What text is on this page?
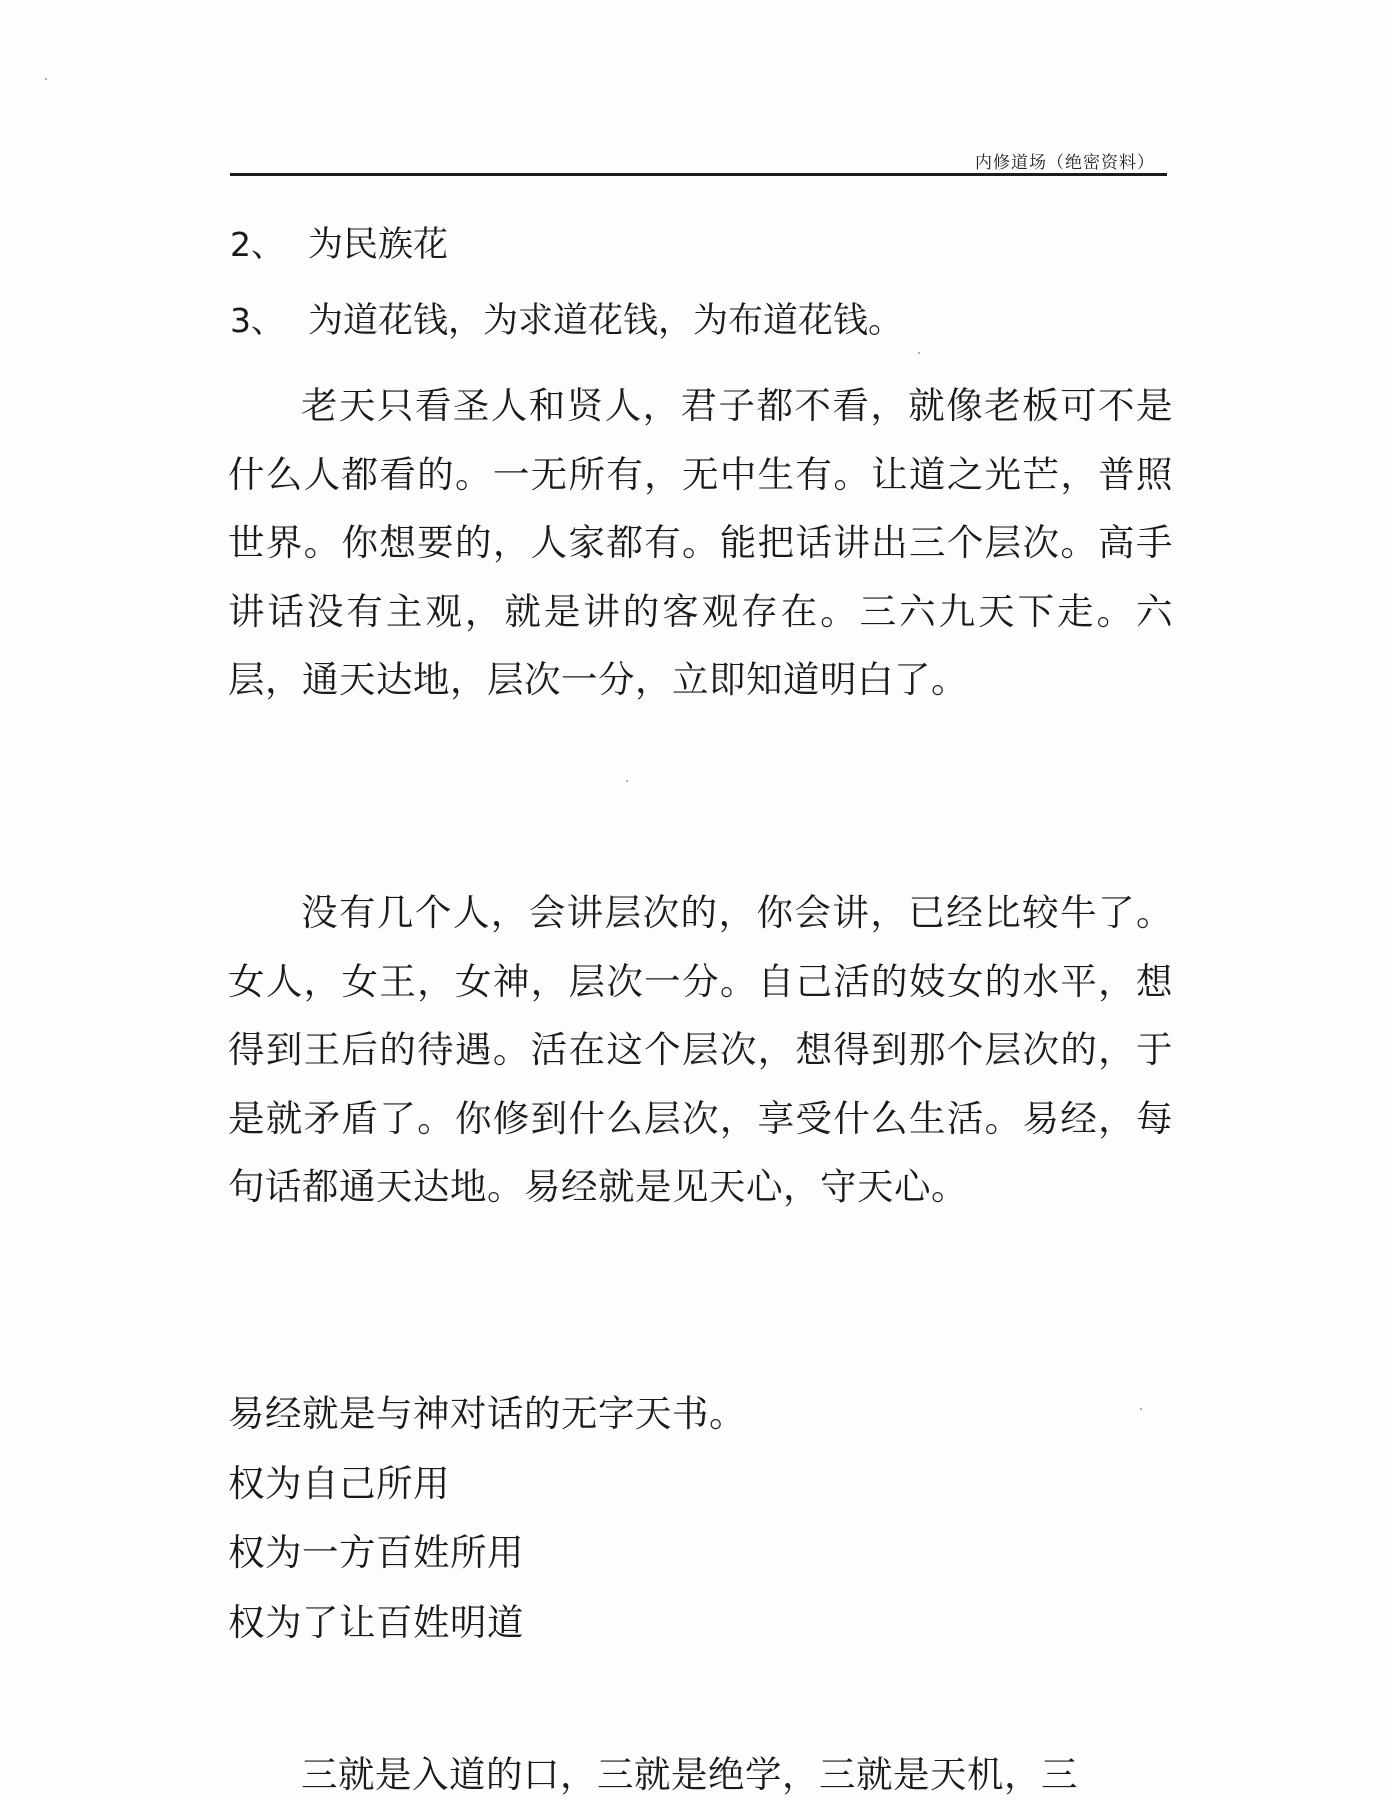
内修道场（绝密资料）
2、 为民族花
3、 为道花钱，为求道花钱，为布道花钱。
老天只看圣人和贤人，君子都不看，就像老板可不是什么人都看的。一无所有，无中生有。让道之光芒，普照世界。你想要的，人家都有。能把话讲出三个层次。高手讲话没有主观，就是讲的客观存在。三六九天下走。六层，通天达地，层次一分，立即知道明白了。
没有几个人，会讲层次的，你会讲，已经比较牛了。女人，女王，女神，层次一分。自己活的妓女的水平，想得到王后的待遇。活在这个层次，想得到那个层次的，于是就矛盾了。你修到什么层次，享受什么生活。易经，每句话都通天达地。易经就是见天心，守天心。
易经就是与神对话的无字天书。
权为自己所用
权为一方百姓所用
权为了让百姓明道
三就是入道的口，三就是绝学，三就是天机，三
